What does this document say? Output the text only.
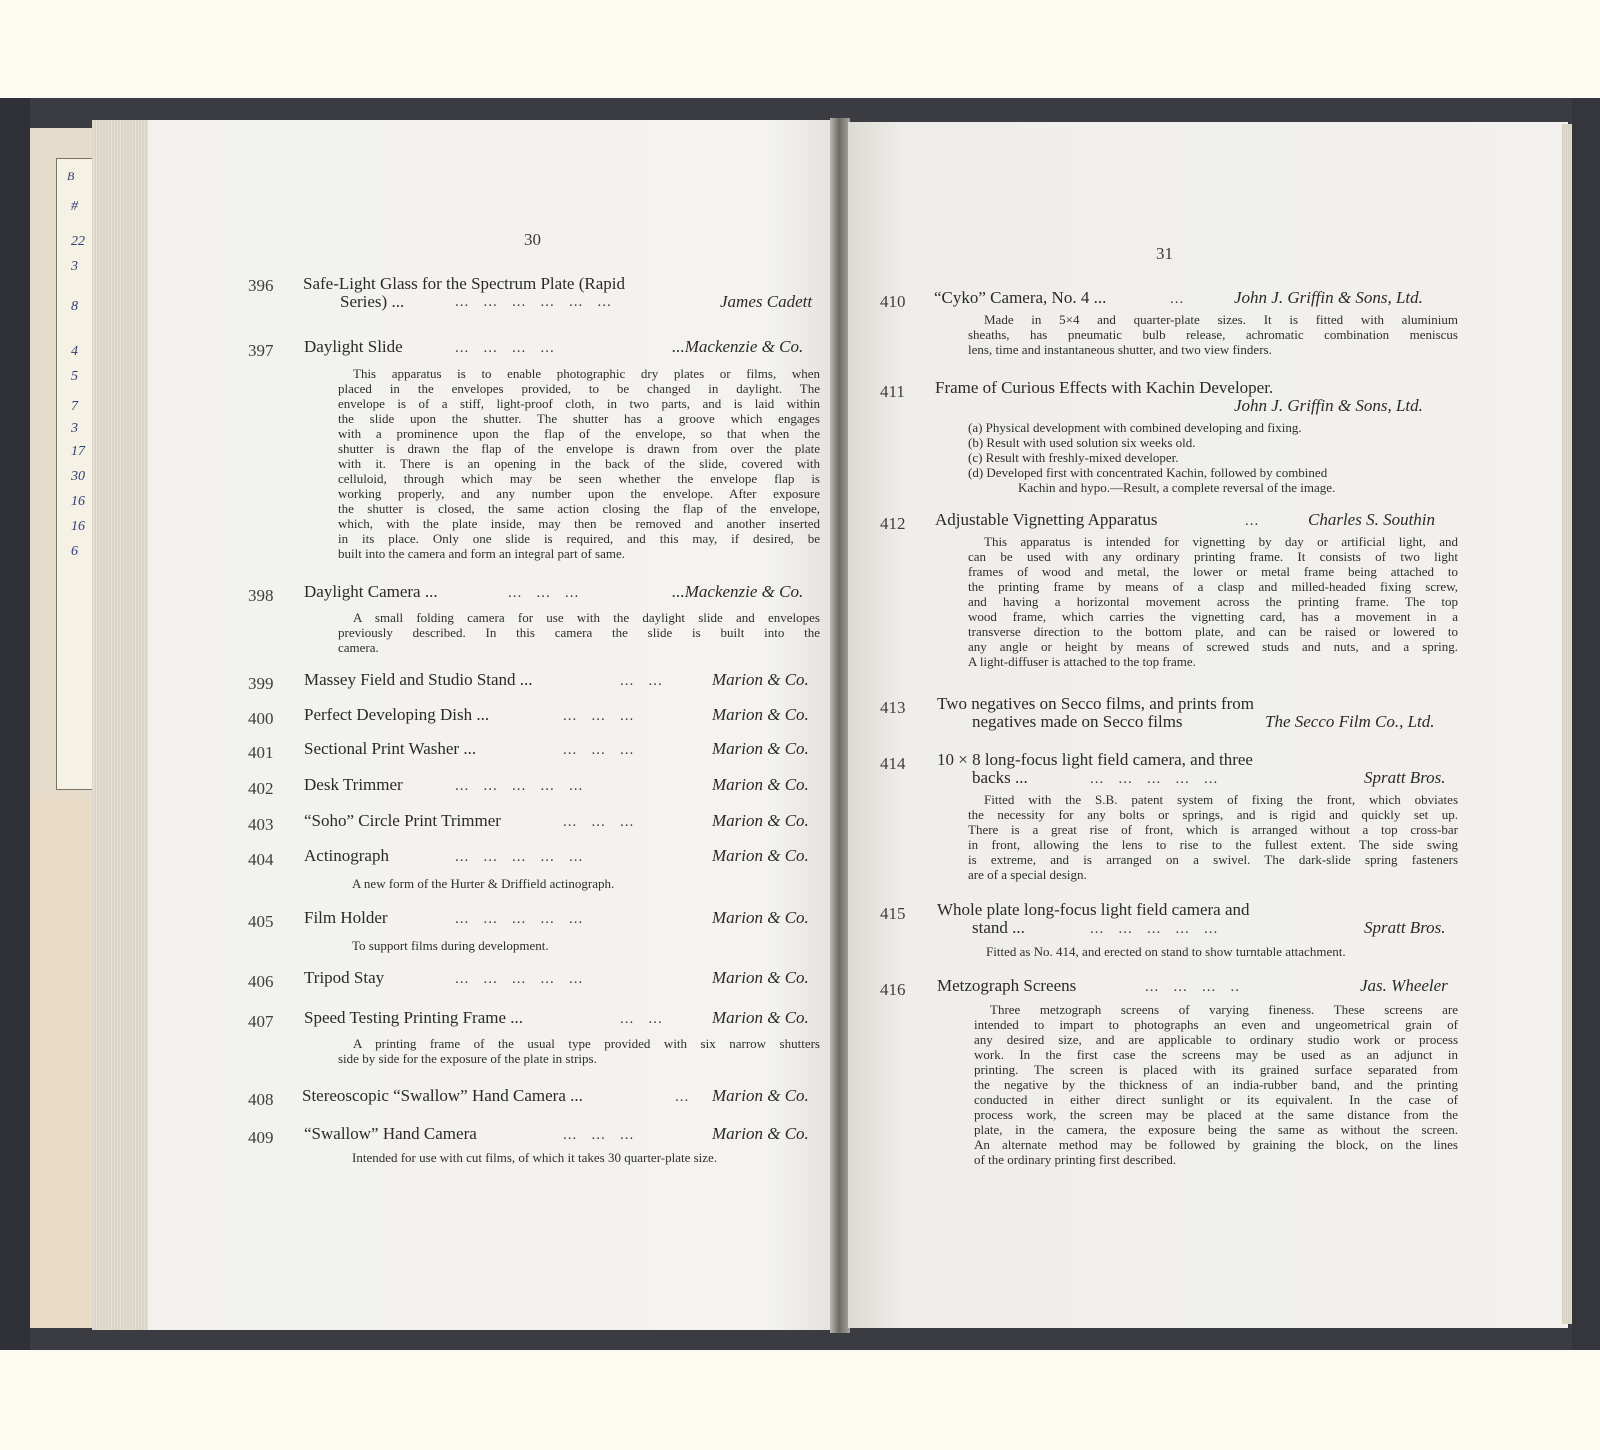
B
#
22
3
8
4
5
7
3
17
30
16
16
6
30
396 Safe-Light Glass for the Spectrum Plate (Rapid
Series) ...	...   ...   ...   ...   ...   ...	James Cadett
397 Daylight Slide	...   ...   ...   ...	...Mackenzie & Co.
This apparatus is to enable photographic dry plates or films, when
placed in the envelopes provided, to be changed in daylight. The
envelope is of a stiff, light-proof cloth, in two parts, and is laid within
the slide upon the shutter. The shutter has a groove which engages
with a prominence upon the flap of the envelope, so that when the
shutter is drawn the flap of the envelope is drawn from over the plate
with it. There is an opening in the back of the slide, covered with
celluloid, through which may be seen whether the envelope flap is
working properly, and any number upon the envelope. After exposure
the shutter is closed, the same action closing the flap of the envelope,
which, with the plate inside, may then be removed and another inserted
in its place. Only one slide is required, and this may, if desired, be
built into the camera and form an integral part of same.
398 Daylight Camera ...	...   ...   ...	...Mackenzie & Co.
A small folding camera for use with the daylight slide and envelopes
previously described. In this camera the slide is built into the
camera.
399 Massey Field and Studio Stand ...	...   ...	Marion & Co.
400 Perfect Developing Dish ...	...   ...   ...	Marion & Co.
401 Sectional Print Washer ...	...   ...   ...	Marion & Co.
402 Desk Trimmer	...   ...   ...   ...   ...	Marion & Co.
403 “Soho” Circle Print Trimmer	...   ...   ...	Marion & Co.
404 Actinograph	...   ...   ...   ...   ...	Marion & Co.
A new form of the Hurter & Driffield actinograph.
405 Film Holder	...   ...   ...   ...   ...	Marion & Co.
To support films during development.
406 Tripod Stay	...   ...   ...   ...   ...	Marion & Co.
407 Speed Testing Printing Frame ...	...   ...	Marion & Co.
A printing frame of the usual type provided with six narrow shutters
side by side for the exposure of the plate in strips.
408 Stereoscopic “Swallow” Hand Camera ...	... Marion & Co.
409 “Swallow” Hand Camera	...   ...   ...	Marion & Co.
Intended for use with cut films, of which it takes 30 quarter-plate size.
31
410 “Cyko” Camera, No. 4 ...	...	John J. Griffin & Sons, Ltd.
Made in 5×4 and quarter-plate sizes. It is fitted with aluminium
sheaths, has pneumatic bulb release, achromatic combination meniscus
lens, time and instantaneous shutter, and two view finders.
411 Frame of Curious Effects with Kachin Developer.
John J. Griffin & Sons, Ltd.
(a) Physical development with combined developing and fixing.
(b) Result with used solution six weeks old.
(c) Result with freshly-mixed developer.
(d) Developed first with concentrated Kachin, followed by combined
Kachin and hypo.—Result, a complete reversal of the image.
412 Adjustable Vignetting Apparatus	...	Charles S. Southin
This apparatus is intended for vignetting by day or artificial light, and
can be used with any ordinary printing frame. It consists of two light
frames of wood and metal, the lower or metal frame being attached to
the printing frame by means of a clasp and milled-headed fixing screw,
and having a horizontal movement across the printing frame. The top
wood frame, which carries the vignetting card, has a movement in a
transverse direction to the bottom plate, and can be raised or lowered to
any angle or height by means of screwed studs and nuts, and a spring.
A light-diffuser is attached to the top frame.
413 Two negatives on Secco films, and prints from
negatives made on Secco films	The Secco Film Co., Ltd.
414 10 × 8 long-focus light field camera, and three
backs ...	...   ...   ...   ...   ...	Spratt Bros.
Fitted with the S.B. patent system of fixing the front, which obviates
the necessity for any bolts or springs, and is rigid and quickly set up.
There is a great rise of front, which is arranged without a top cross-bar
in front, allowing the lens to rise to the fullest extent. The side swing
is extreme, and is arranged on a swivel. The dark-slide spring fasteners
are of a special design.
415 Whole plate long-focus light field camera and
stand ...	...   ...   ...   ...   ...	Spratt Bros.
Fitted as No. 414, and erected on stand to show turntable attachment.
416 Metzograph Screens	...   ...   ...   ..	Jas. Wheeler
Three metzograph screens of varying fineness. These screens are
intended to impart to photographs an even and ungeometrical grain of
any desired size, and are applicable to ordinary studio work or process
work. In the first case the screens may be used as an adjunct in
printing. The screen is placed with its grained surface separated from
the negative by the thickness of an india-rubber band, and the printing
conducted in either direct sunlight or its equivalent. In the case of
process work, the screen may be placed at the same distance from the
plate, in the camera, the exposure being the same as without the screen.
An alternate method may be followed by graining the block, on the lines
of the ordinary printing first described.
